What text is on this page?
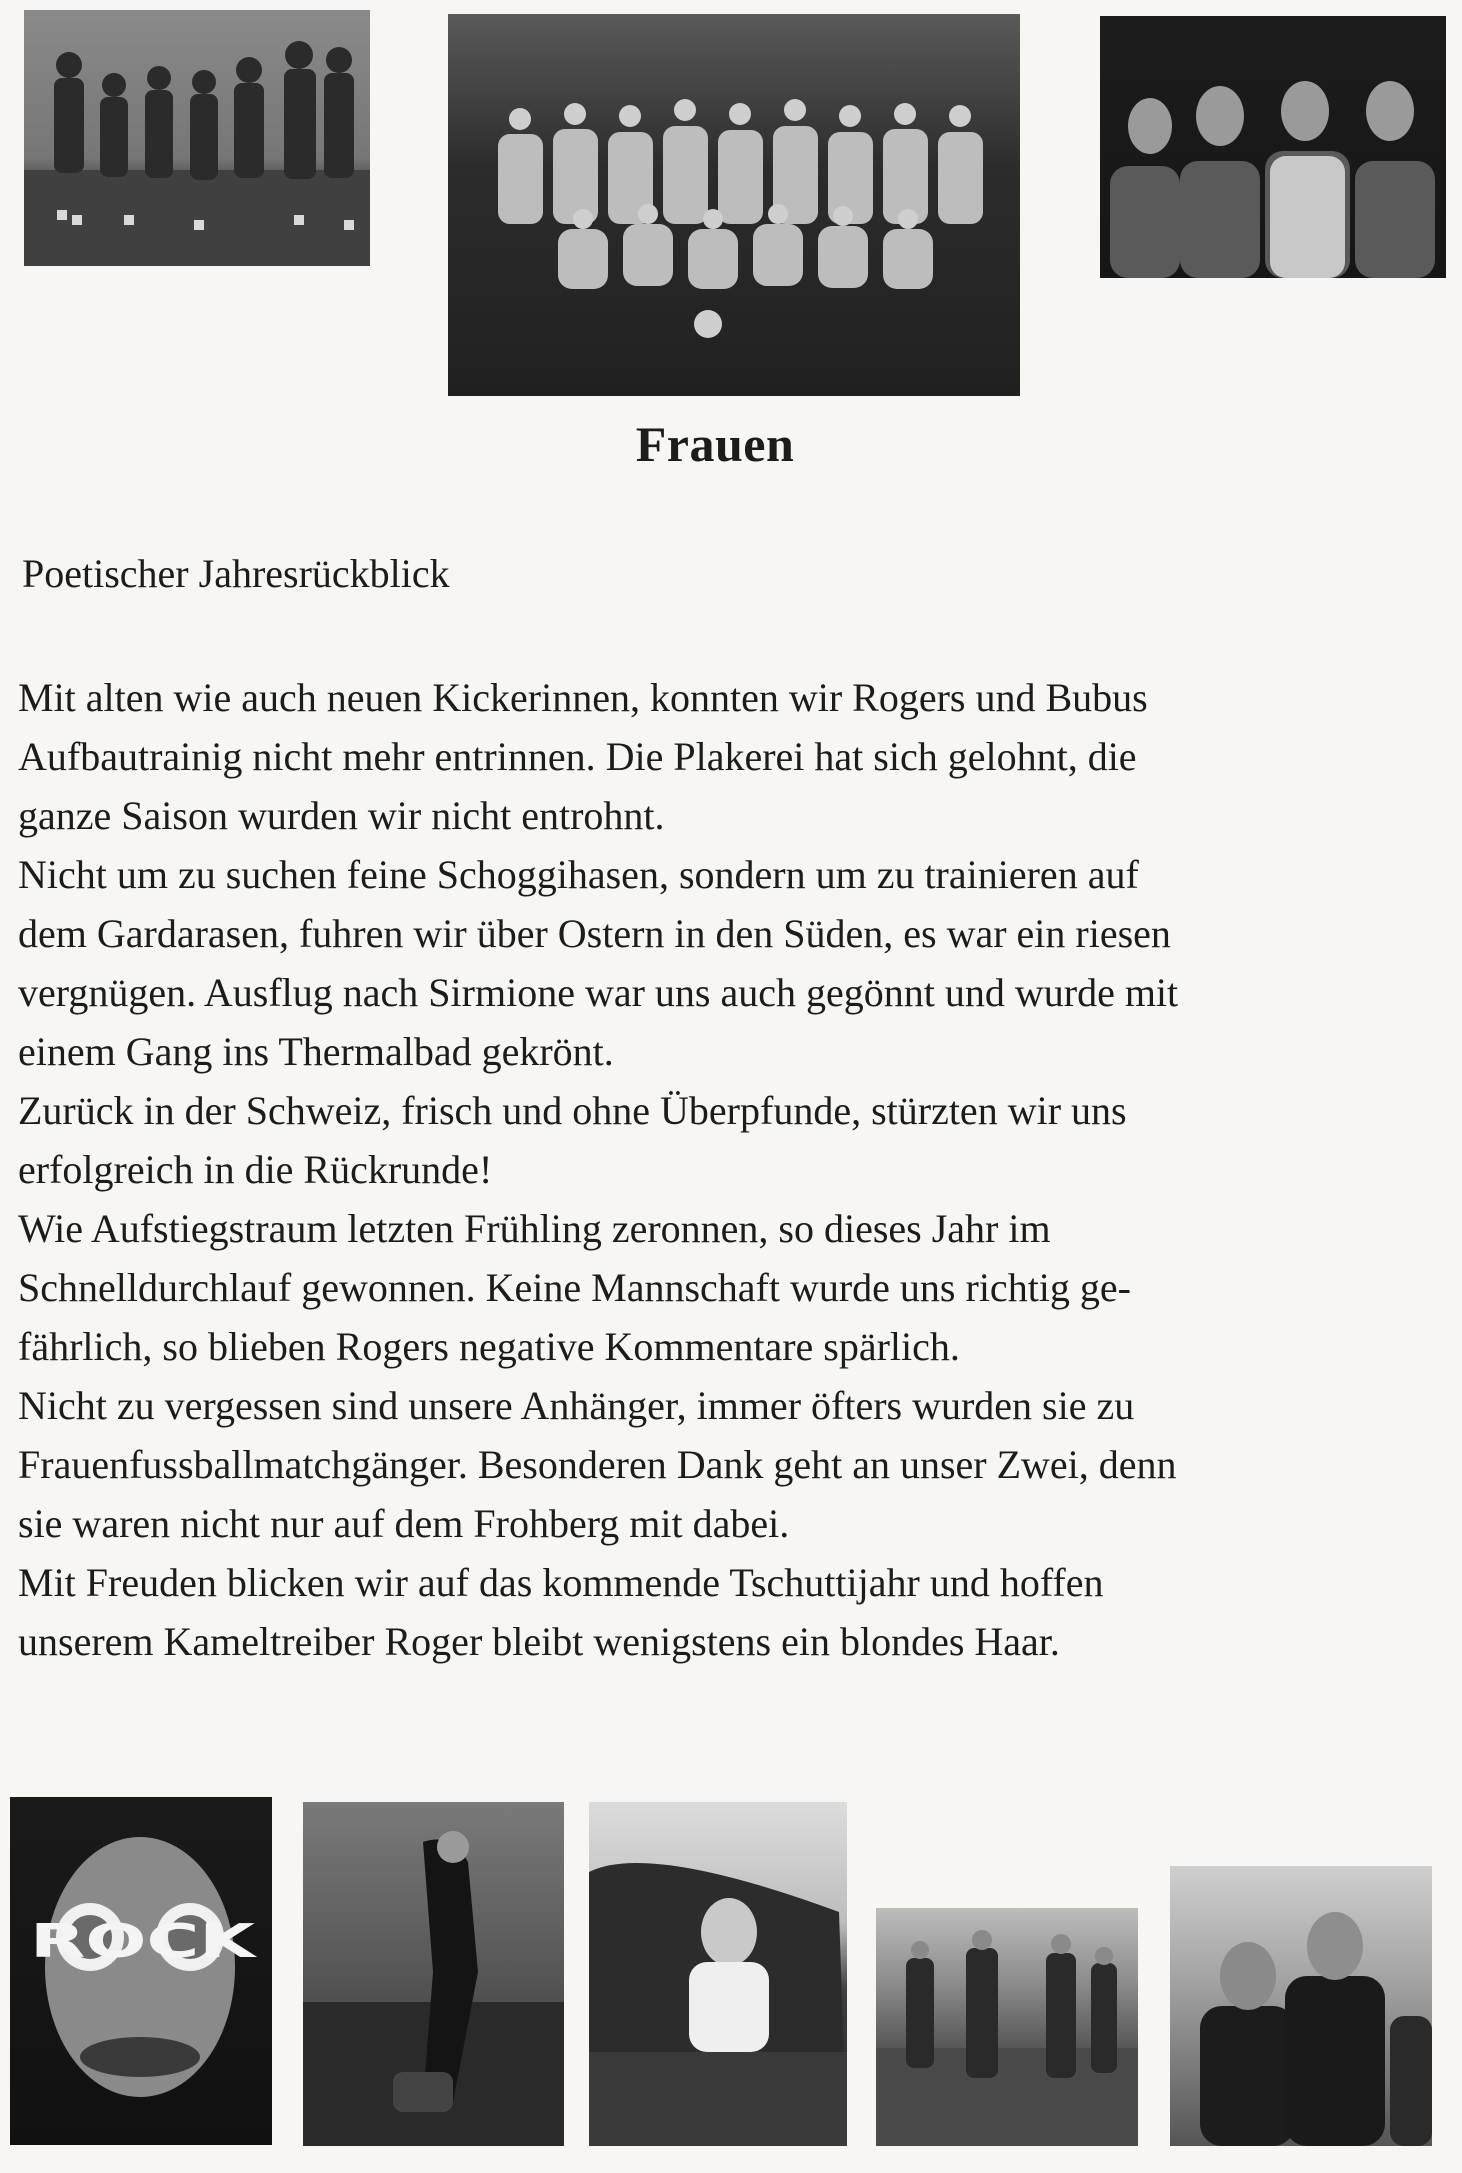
Frauen
Poetischer Jahresrückblick
Mit alten wie auch neuen Kickerinnen, konnten wir Rogers und Bubus
Aufbautrainig nicht mehr entrinnen. Die Plakerei hat sich gelohnt, die
ganze Saison wurden wir nicht entrohnt.
Nicht um zu suchen feine Schoggihasen, sondern um zu trainieren auf
dem Gardarasen, fuhren wir über Ostern in den Süden, es war ein riesen
vergnügen. Ausflug nach Sirmione war uns auch gegönnt und wurde mit
einem Gang ins Thermalbad gekrönt.
Zurück in der Schweiz, frisch und ohne Überpfunde, stürzten wir uns
erfolgreich in die Rückrunde!
Wie Aufstiegstraum letzten Frühling zeronnen, so dieses Jahr im
Schnelldurchlauf gewonnen. Keine Mannschaft wurde uns richtig ge-
fährlich, so blieben Rogers negative Kommentare spärlich.
Nicht zu vergessen sind unsere Anhänger, immer öfters wurden sie zu
Frauenfussballmatchgänger. Besonderen Dank geht an unser Zwei, denn
sie waren nicht nur auf dem Frohberg mit dabei.
Mit Freuden blicken wir auf das kommende Tschuttijahr und hoffen
unserem Kameltreiber Roger bleibt wenigstens ein blondes Haar.
ROCK
